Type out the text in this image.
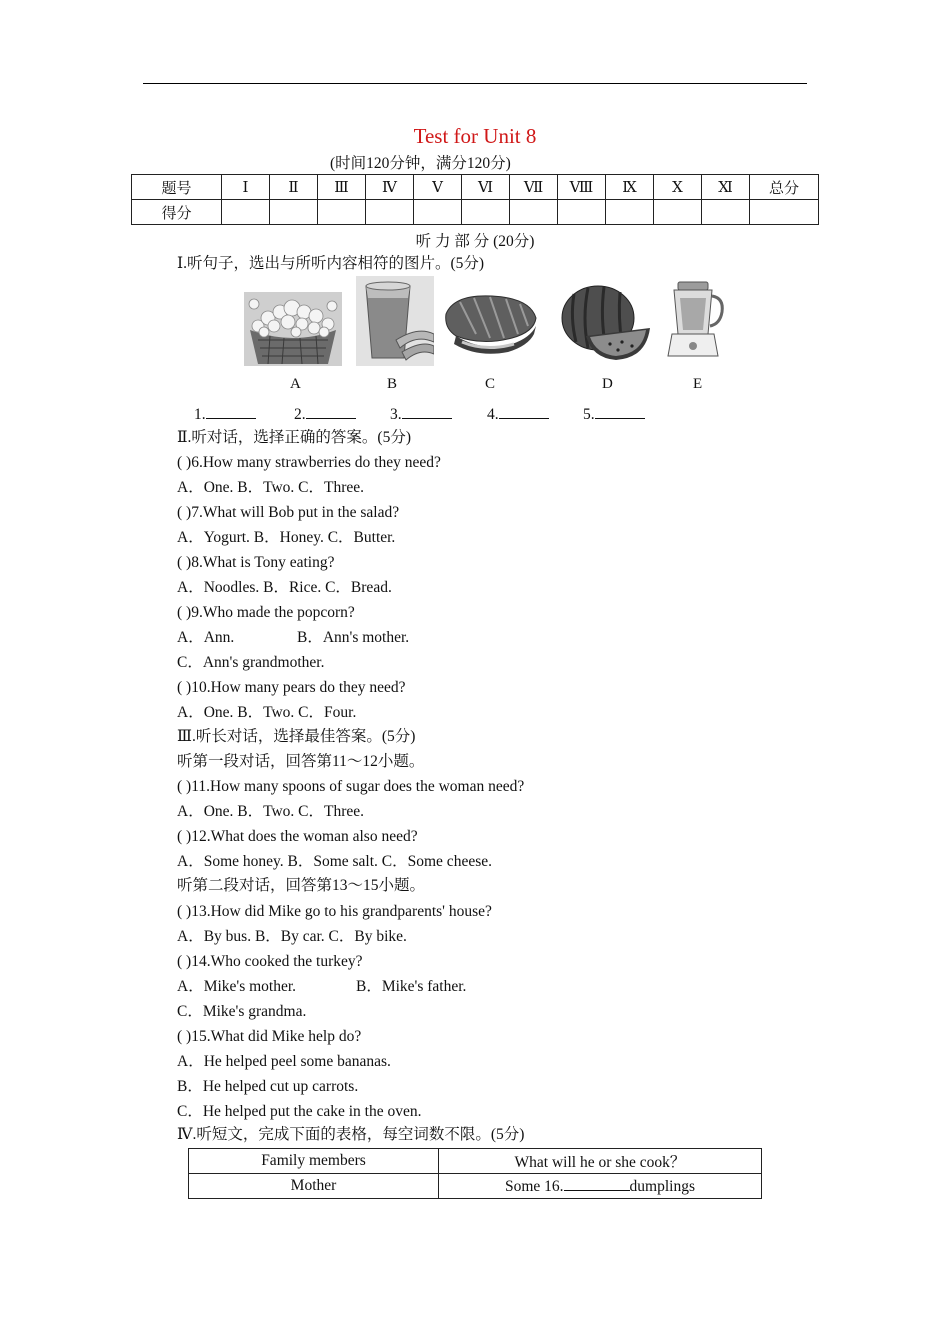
Test for Unit 8
(时间120分钟，满分120分)
题号	Ⅰ	Ⅱ	Ⅲ	Ⅳ	Ⅴ	Ⅵ	Ⅶ	Ⅷ	Ⅸ	Ⅹ	Ⅺ	总分
得分												
听 力 部 分 (20分)
Ⅰ.听句子，选出与所听内容相符的图片。(5分)
A	B	C	D	E
1.	2.	3.	4.	5.
Ⅱ.听对话，选择正确的答案。(5分)
( )6.How many strawberries do they need?
A．One. B．Two. C．Three.
( )7.What will Bob put in the salad?
A．Yogurt. B．Honey. C．Butter.
( )8.What is Tony eating?
A．Noodles. B．Rice. C．Bread.
( )9.Who made the popcorn?
A．Ann.	B．Ann's mother.
C．Ann's grandmother.
( )10.How many pears do they need?
A．One. B．Two. C．Four.
Ⅲ.听长对话，选择最佳答案。(5分)
听第一段对话，回答第11～12小题。
( )11.How many spoons of sugar does the woman need?
A．One. B．Two. C．Three.
( )12.What does the woman also need?
A．Some honey. B．Some salt. C．Some cheese.
听第二段对话，回答第13～15小题。
( )13.How did Mike go to his grandparents' house?
A．By bus. B．By car. C．By bike.
( )14.Who cooked the turkey?
A．Mike's mother.	B．Mike's father.
C．Mike's grandma.
( )15.What did Mike help do?
A．He helped peel some bananas.
B．He helped cut up carrots.
C．He helped put the cake in the oven.
Ⅳ.听短文，完成下面的表格，每空词数不限。(5分)
Family members	What will he or she cook？
Mother	Some 16. dumplings
